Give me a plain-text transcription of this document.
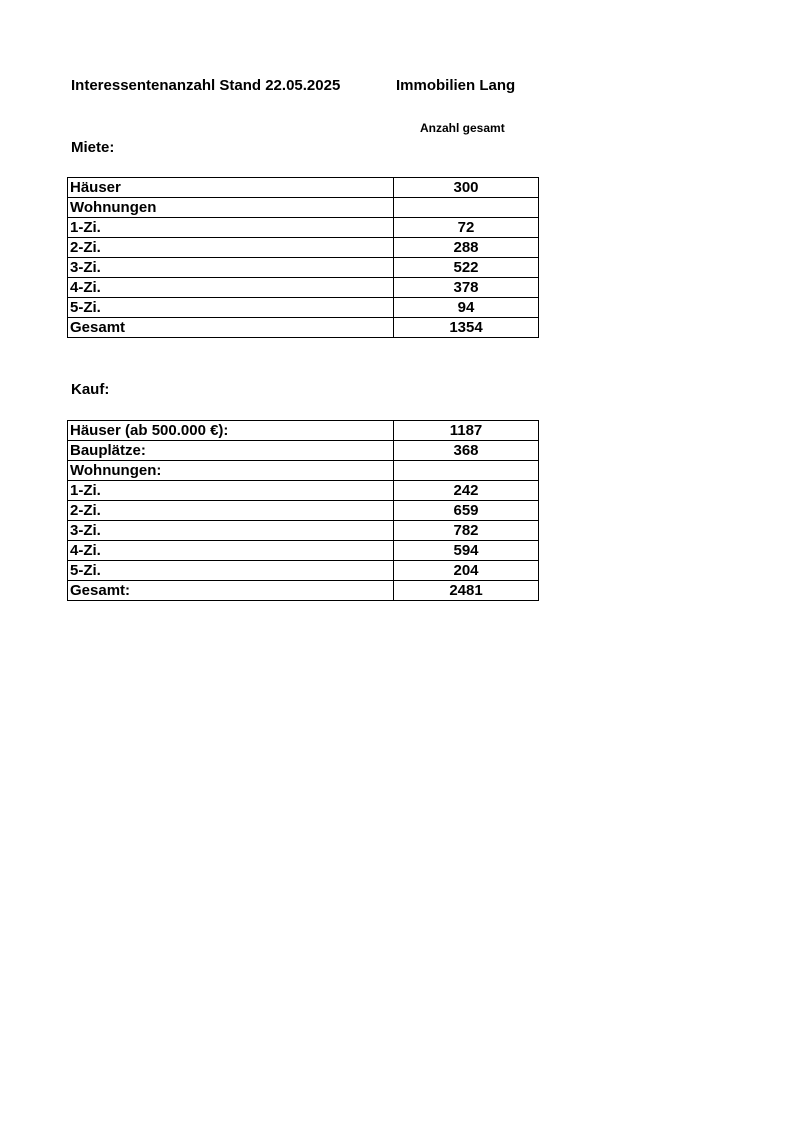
Interessentenanzahl Stand 22.05.2025	Immobilien Lang
Anzahl gesamt
Miete:
Häuser	300
Wohnungen	
1-Zi.	72
2-Zi.	288
3-Zi.	522
4-Zi.	378
5-Zi.	94
Gesamt	1354
Kauf:
Häuser (ab 500.000 €):	1187
Bauplätze:	368
Wohnungen:	
1-Zi.	242
2-Zi.	659
3-Zi.	782
4-Zi.	594
5-Zi.	204
Gesamt:	2481
